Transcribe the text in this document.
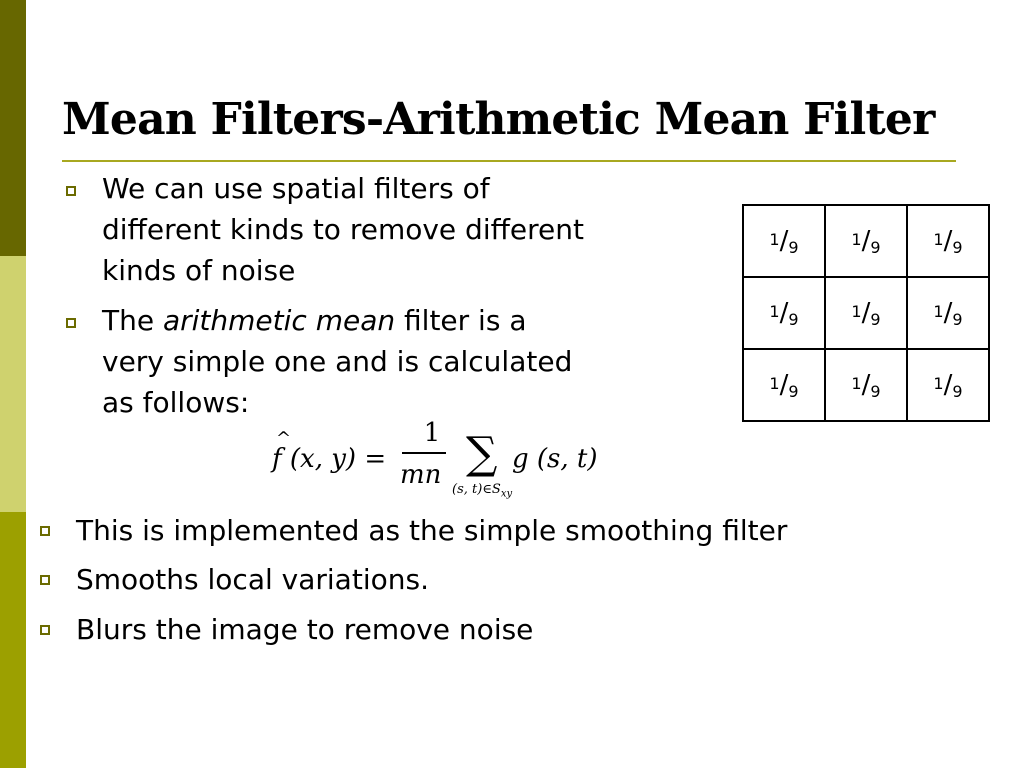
Mean Filters-Arithmetic Mean Filter
We can use spatial filters of
different kinds to remove different
kinds of noise
The arithmetic mean filter is a
very simple one and is calculated
as follows:
$^1/_9$	$^1/_9$	$^1/_9$
$^1/_9$	$^1/_9$	$^1/_9$
$^1/_9$	$^1/_9$	$^1/_9$
^
f (x, y) =
1
mn ∑ g (s, t)
(s, $t)\in S_{xy}$
This is implemented as the simple smoothing filter
Smooths local variations.
Blurs the image to remove noise
